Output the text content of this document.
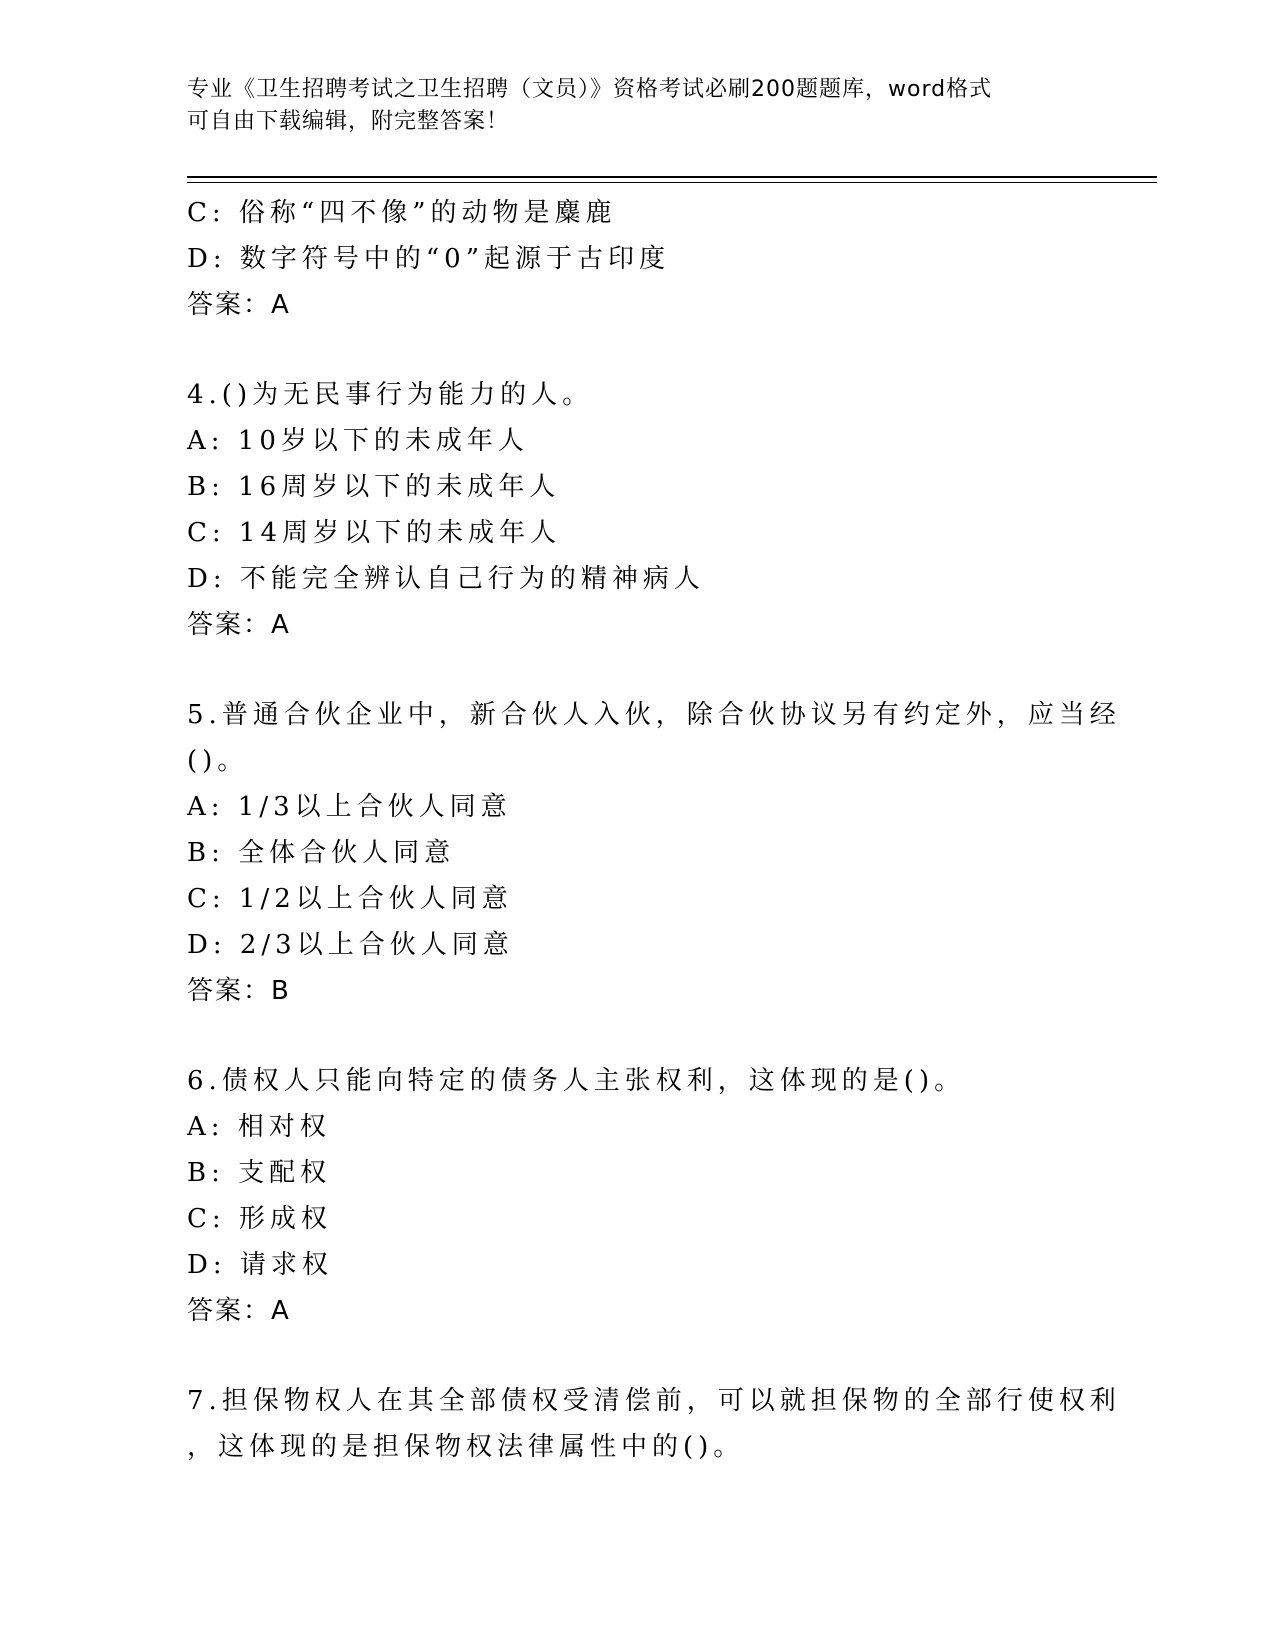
专业《卫生招聘考试之卫生招聘（文员）》资格考试必刷200题题库，word格式
可自由下载编辑，附完整答案！
C: 俗称“四不像”的动物是麋鹿
D: 数字符号中的“0”起源于古印度
答案：A
4.()为无民事行为能力的人。
A: 10岁以下的未成年人
B: 16周岁以下的未成年人
C: 14周岁以下的未成年人
D: 不能完全辨认自己行为的精神病人
答案：A
5.普通合伙企业中，新合伙人入伙，除合伙协议另有约定外，应当经
()。
A: 1/3以上合伙人同意
B: 全体合伙人同意
C: 1/2以上合伙人同意
D: 2/3以上合伙人同意
答案：B
6.债权人只能向特定的债务人主张权利，这体现的是()。
A: 相对权
B: 支配权
C: 形成权
D: 请求权
答案：A
7.担保物权人在其全部债权受清偿前，可以就担保物的全部行使权利
，这体现的是担保物权法律属性中的()。
